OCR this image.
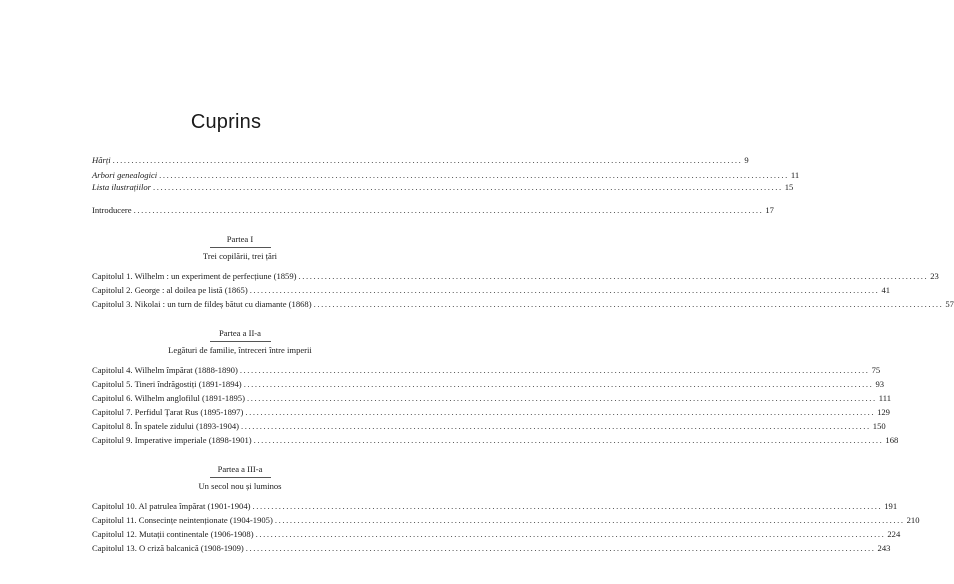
Cuprins
Hărți ........................................................................................................................................................................ 9
Arbori genealogici ........................................................................................................................................................................ 11
Lista ilustrațiilor ........................................................................................................................................................................ 15
Introducere ........................................................................................................................................................................ 17
Partea I
Trei copilării, trei țări
Capitolul 1. Wilhelm : un experiment de perfecțiune (1859) ........................................................................................................................................................................ 23
Capitolul 2. George : al doilea pe listă (1865) ........................................................................................................................................................................ 41
Capitolul 3. Nikolai : un turn de fildeș bătut cu diamante (1868) ........................................................................................................................................................................ 57
Partea a II-a
Legături de familie, întreceri între imperii
Capitolul 4. Wilhelm împărat (1888-1890) ........................................................................................................................................................................ 75
Capitolul 5. Tineri îndrăgostiți (1891-1894) ........................................................................................................................................................................ 93
Capitolul 6. Wilhelm anglofilul (1891-1895) ........................................................................................................................................................................ 111
Capitolul 7. Perfidul Țarat Rus (1895-1897) ........................................................................................................................................................................ 129
Capitolul 8. În spatele zidului (1893-1904) ........................................................................................................................................................................ 150
Capitolul 9. Imperative imperiale (1898-1901) ........................................................................................................................................................................ 168
Partea a III-a
Un secol nou și luminos
Capitolul 10. Al patrulea împărat (1901-1904) ........................................................................................................................................................................ 191
Capitolul 11. Consecințe neintenționate (1904-1905) ........................................................................................................................................................................ 210
Capitolul 12. Mutații continentale (1906-1908) ........................................................................................................................................................................ 224
Capitolul 13. O criză balcanică (1908-1909) ........................................................................................................................................................................ 243
